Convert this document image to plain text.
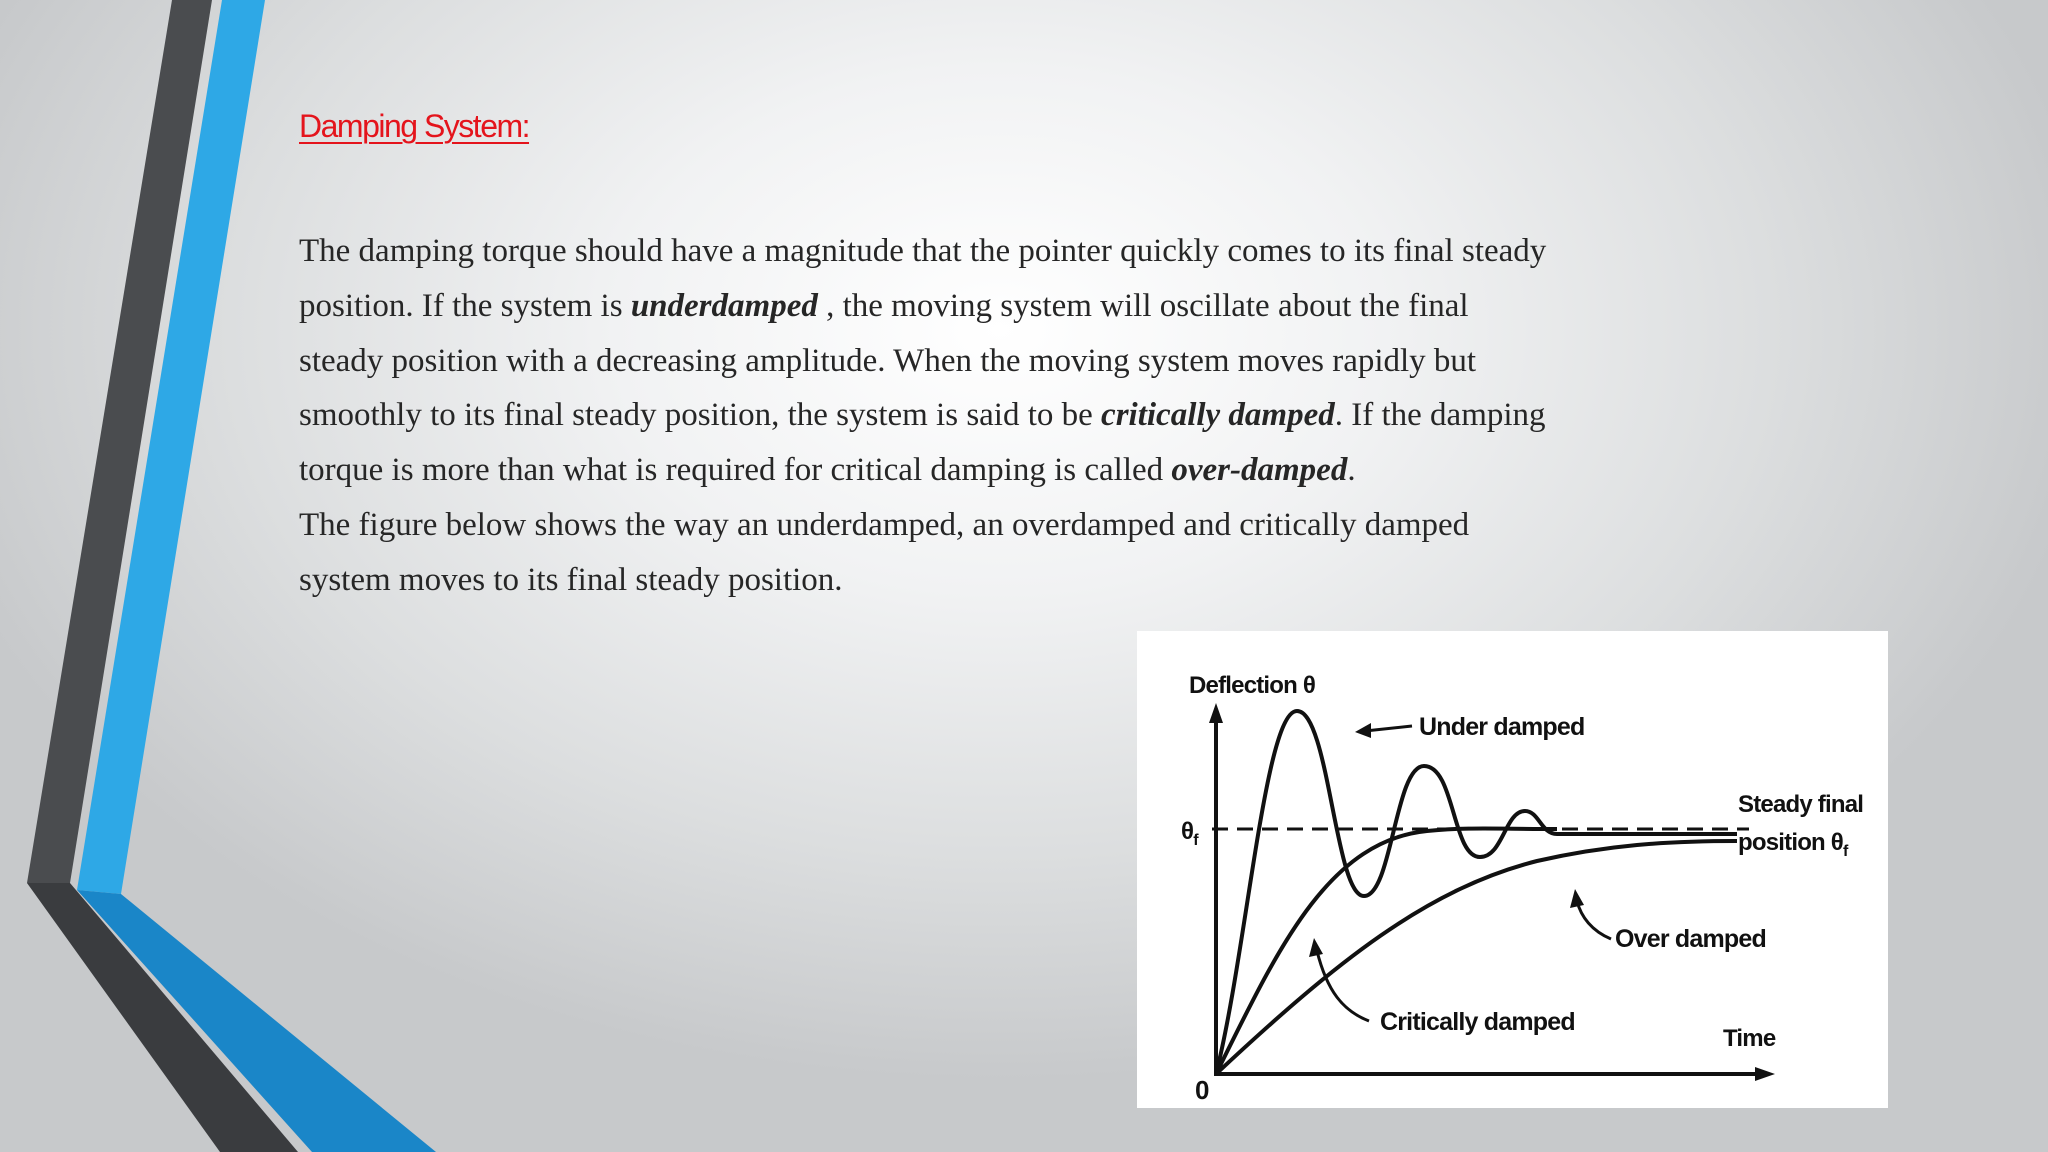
Damping System:

The damping torque should have a magnitude that the pointer quickly comes to its final steady position. If the system is underdamped , the moving system will oscillate about the final steady position with a decreasing amplitude. When the moving system moves rapidly but smoothly to its final steady position, the system is said to be critically damped. If the damping torque is more than what is required for critical damping is called over-damped.

The figure below shows the way an underdamped, an overdamped and critically damped system moves to its final steady position.

Deflection θ
Time
0
Under damped
Over damped
Critically damped
$\theta_f$
Steady final
position $\theta_f$
